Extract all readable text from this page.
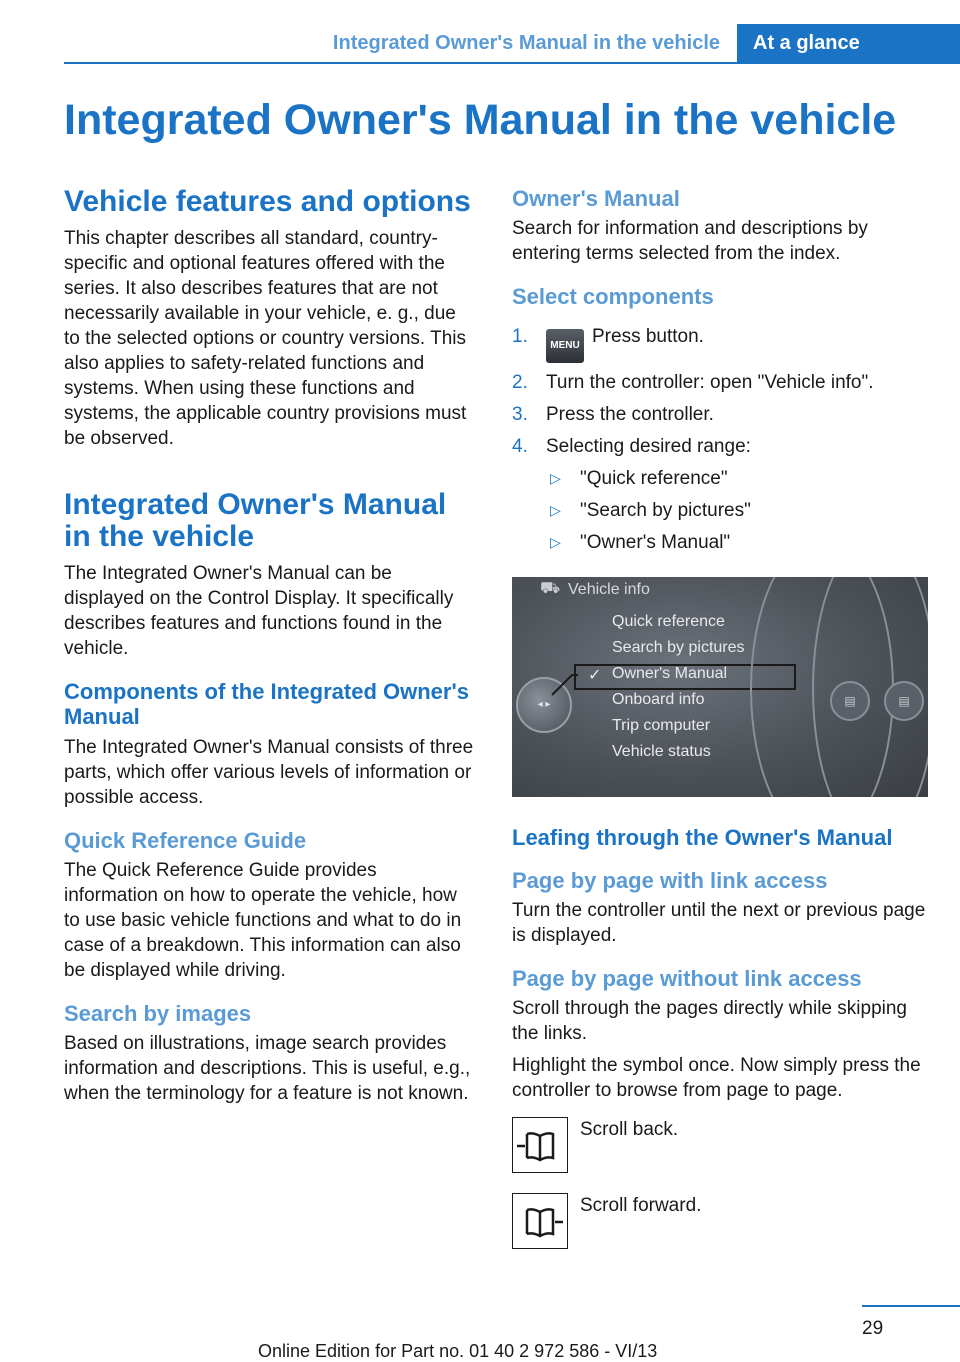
Integrated Owner's Manual in the vehicle At a glance
Integrated Owner's Manual in the vehicle
Vehicle features and options

This chapter describes all standard, country-specific and optional features offered with the series. It also describes features that are not necessarily available in your vehicle, e. g., due to the selected options or country versions. This also applies to safety-related functions and systems. When using these functions and systems, the applicable country provisions must be observed.

Integrated Owner's Manual in the vehicle

The Integrated Owner's Manual can be displayed on the Control Display. It specifically describes features and functions found in the vehicle.

Components of the Integrated Owner's Manual

The Integrated Owner's Manual consists of three parts, which offer various levels of information or possible access.

Quick Reference Guide

The Quick Reference Guide provides information on how to operate the vehicle, how to use basic vehicle functions and what to do in case of a breakdown. This information can also be displayed while driving.

Search by images

Based on illustrations, image search provides information and descriptions. This is useful, e.g., when the terminology for a feature is not known.

Owner's Manual

Search for information and descriptions by entering terms selected from the index.

Select components
1. MENU Press button.
2. Turn the controller: open "Vehicle info".
3. Press the controller.
4. Selecting desired range:
▷ "Quick reference"
▷ "Search by pictures"
▷ "Owner's Manual"
⛟ Vehicle info
Quick reference
Search by pictures
✓ Owner's Manual
Onboard info
Trip computer
Vehicle status
◂ ▸	▤	▤
Leafing through the Owner's Manual
Page by page with link access

Turn the controller until the next or previous page is displayed.

Page by page without link access

Scroll through the pages directly while skipping the links.

Highlight the symbol once. Now simply press the controller to browse from page to page.

Scroll back.

Scroll forward.

29
Online Edition for Part no. 01 40 2 972 586 - VI/13
